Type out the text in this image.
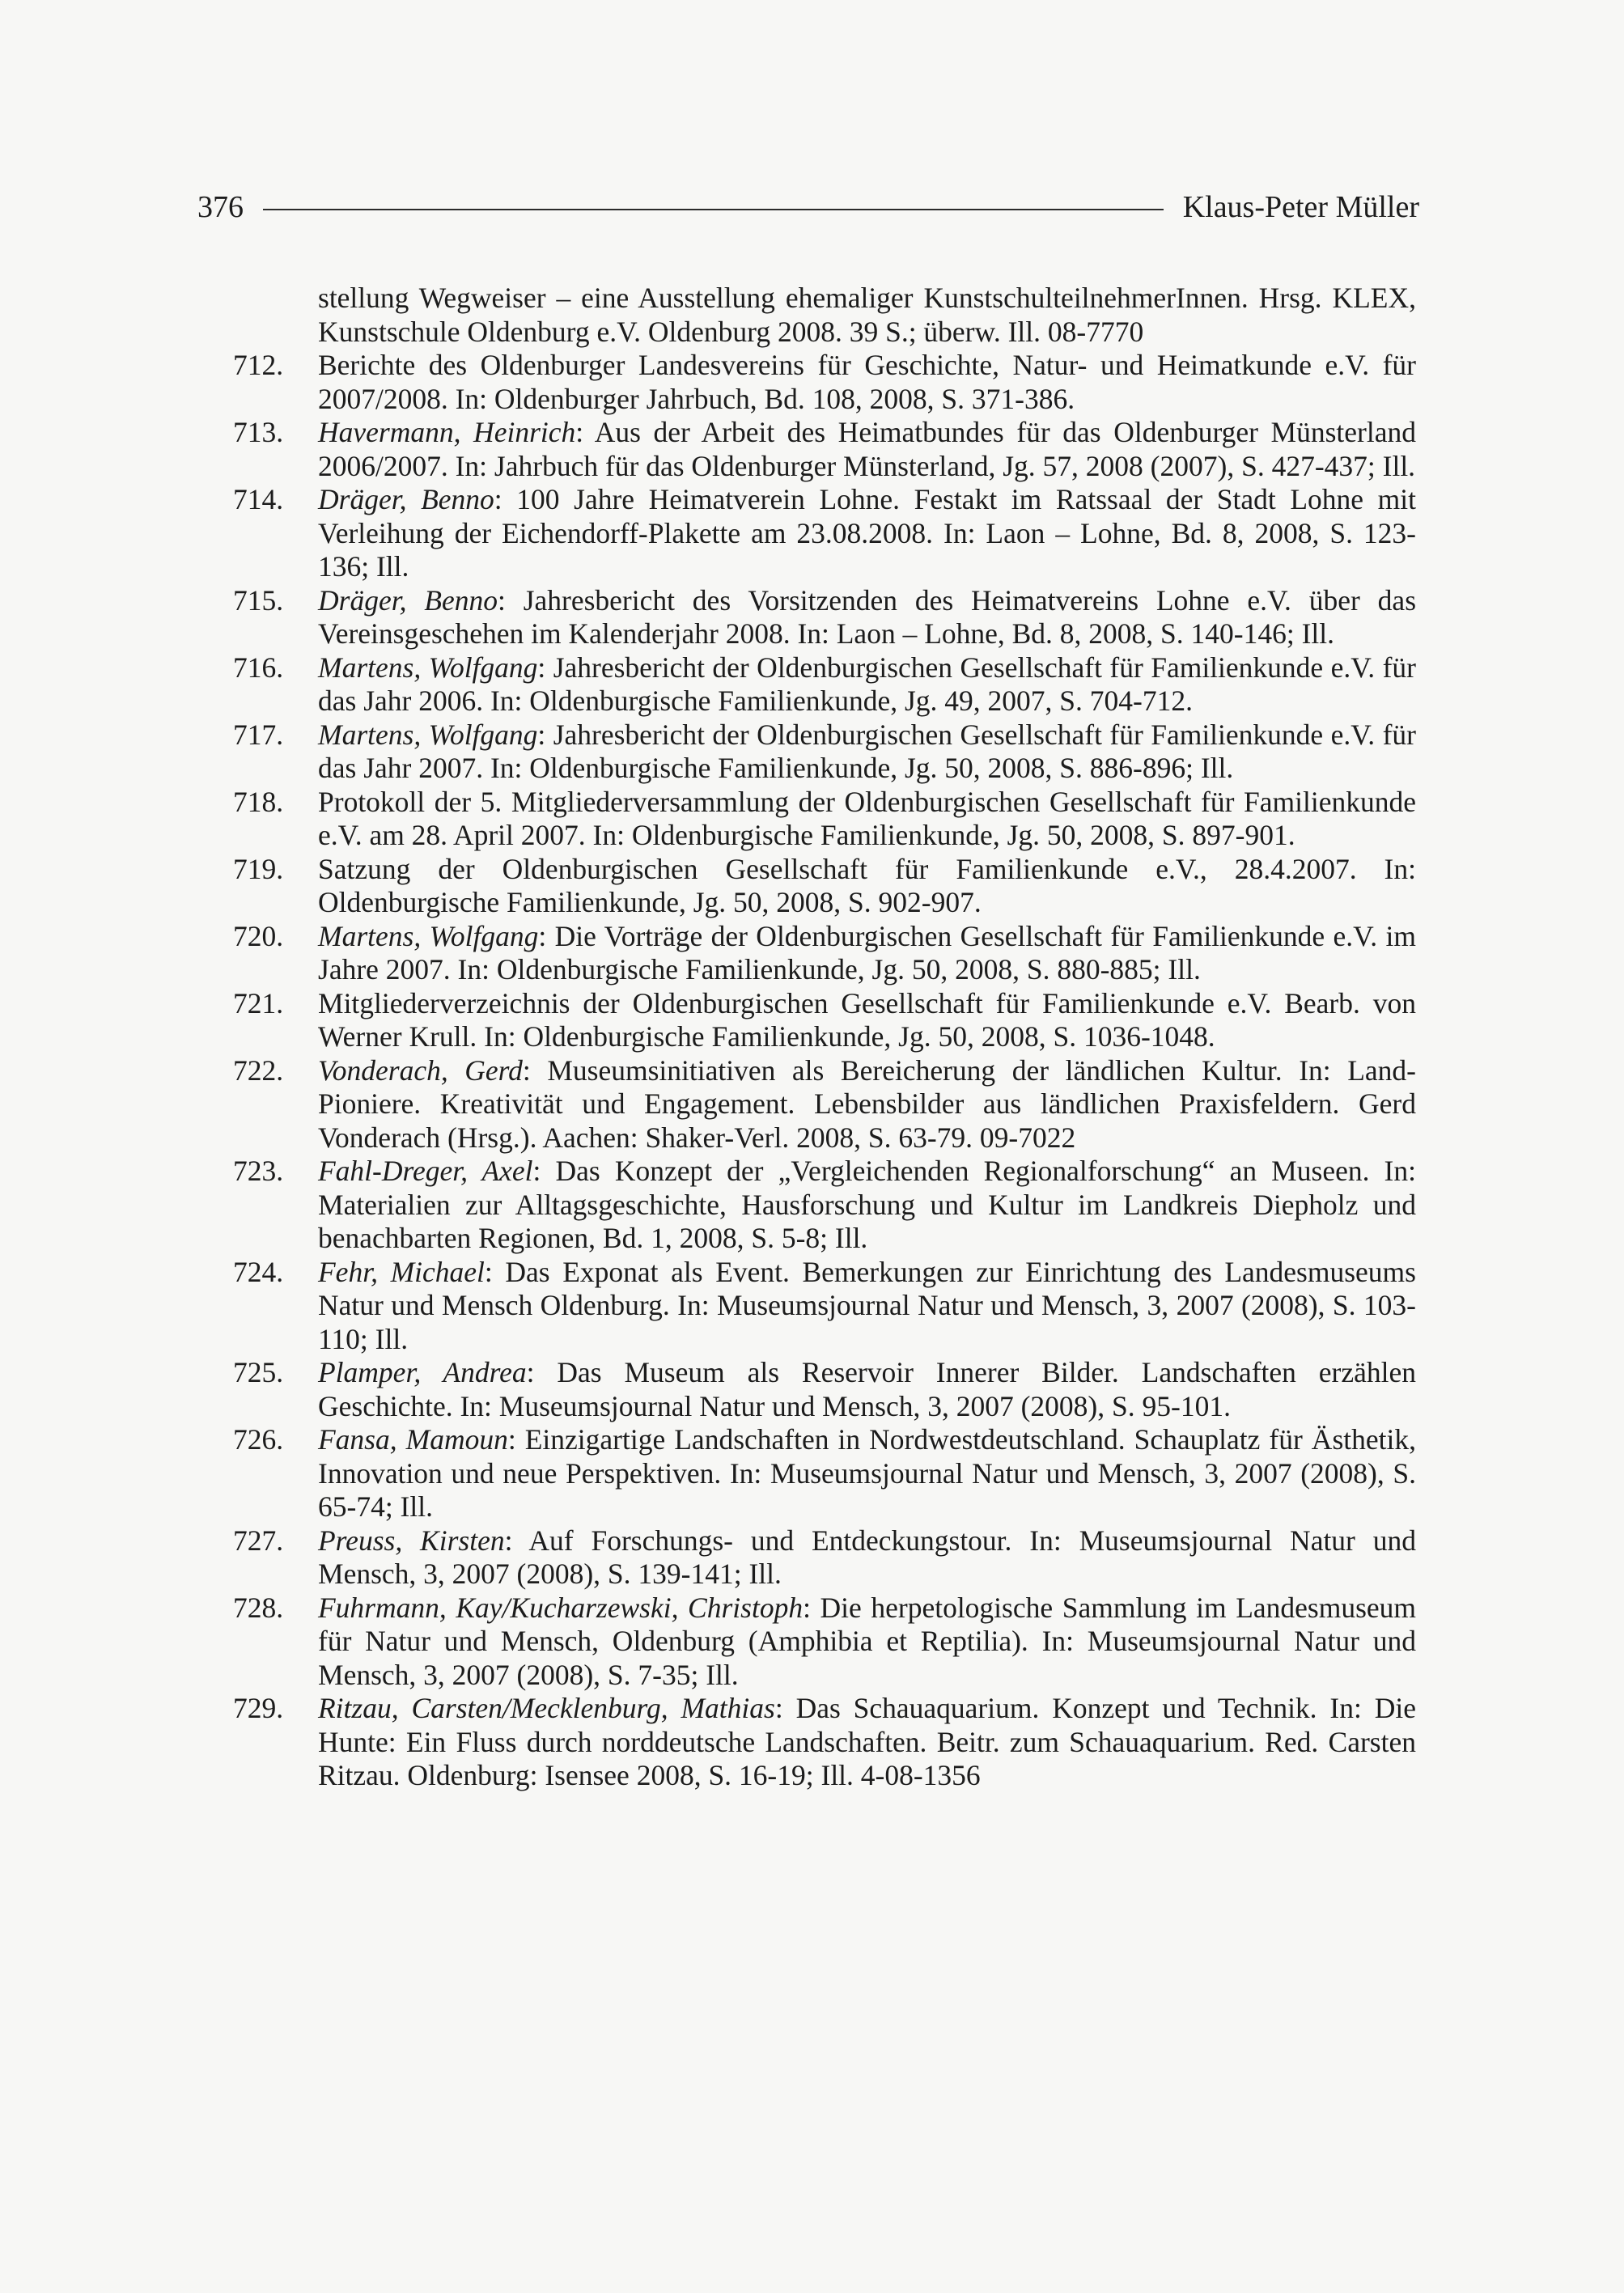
376	Klaus-Peter Müller
stellung Wegweiser – eine Ausstellung ehemaliger KunstschulteilnehmerInnen. Hrsg. KLEX, Kunstschule Oldenburg e.V. Oldenburg 2008. 39 S.; überw. Ill. 08-7770
712.	Berichte des Oldenburger Landesvereins für Geschichte, Natur- und Heimatkunde e.V. für 2007/2008. In: Oldenburger Jahrbuch, Bd. 108, 2008, S. 371-386.
713.	Havermann, Heinrich: Aus der Arbeit des Heimatbundes für das Oldenburger Münsterland 2006/2007. In: Jahrbuch für das Oldenburger Münsterland, Jg. 57, 2008 (2007), S. 427-437; Ill.
714.	Dräger, Benno: 100 Jahre Heimatverein Lohne. Festakt im Ratssaal der Stadt Lohne mit Verleihung der Eichendorff-Plakette am 23.08.2008. In: Laon – Lohne, Bd. 8, 2008, S. 123-136; Ill.
715.	Dräger, Benno: Jahresbericht des Vorsitzenden des Heimatvereins Lohne e.V. über das Vereinsgeschehen im Kalenderjahr 2008. In: Laon – Lohne, Bd. 8, 2008, S. 140-146; Ill.
716.	Martens, Wolfgang: Jahresbericht der Oldenburgischen Gesellschaft für Familienkunde e.V. für das Jahr 2006. In: Oldenburgische Familienkunde, Jg. 49, 2007, S. 704-712.
717.	Martens, Wolfgang: Jahresbericht der Oldenburgischen Gesellschaft für Familienkunde e.V. für das Jahr 2007. In: Oldenburgische Familienkunde, Jg. 50, 2008, S. 886-896; Ill.
718.	Protokoll der 5. Mitgliederversammlung der Oldenburgischen Gesellschaft für Familienkunde e.V. am 28. April 2007. In: Oldenburgische Familienkunde, Jg. 50, 2008, S. 897-901.
719.	Satzung der Oldenburgischen Gesellschaft für Familienkunde e.V., 28.4.2007. In: Oldenburgische Familienkunde, Jg. 50, 2008, S. 902-907.
720.	Martens, Wolfgang: Die Vorträge der Oldenburgischen Gesellschaft für Familienkunde e.V. im Jahre 2007. In: Oldenburgische Familienkunde, Jg. 50, 2008, S. 880-885; Ill.
721.	Mitgliederverzeichnis der Oldenburgischen Gesellschaft für Familienkunde e.V. Bearb. von Werner Krull. In: Oldenburgische Familienkunde, Jg. 50, 2008, S. 1036-1048.
722.	Vonderach, Gerd: Museumsinitiativen als Bereicherung der ländlichen Kultur. In: Land-Pioniere. Kreativität und Engagement. Lebensbilder aus ländlichen Praxisfeldern. Gerd Vonderach (Hrsg.). Aachen: Shaker-Verl. 2008, S. 63-79. 09-7022
723.	Fahl-Dreger, Axel: Das Konzept der „Vergleichenden Regionalforschung“ an Museen. In: Materialien zur Alltagsgeschichte, Hausforschung und Kultur im Landkreis Diepholz und benachbarten Regionen, Bd. 1, 2008, S. 5-8; Ill.
724.	Fehr, Michael: Das Exponat als Event. Bemerkungen zur Einrichtung des Landesmuseums Natur und Mensch Oldenburg. In: Museumsjournal Natur und Mensch, 3, 2007 (2008), S. 103-110; Ill.
725.	Plamper, Andrea: Das Museum als Reservoir Innerer Bilder. Landschaften erzählen Geschichte. In: Museumsjournal Natur und Mensch, 3, 2007 (2008), S. 95-101.
726.	Fansa, Mamoun: Einzigartige Landschaften in Nordwestdeutschland. Schauplatz für Ästhetik, Innovation und neue Perspektiven. In: Museumsjournal Natur und Mensch, 3, 2007 (2008), S. 65-74; Ill.
727.	Preuss, Kirsten: Auf Forschungs- und Entdeckungstour. In: Museumsjournal Natur und Mensch, 3, 2007 (2008), S. 139-141; Ill.
728.	Fuhrmann, Kay/Kucharzewski, Christoph: Die herpetologische Sammlung im Landesmuseum für Natur und Mensch, Oldenburg (Amphibia et Reptilia). In: Museumsjournal Natur und Mensch, 3, 2007 (2008), S. 7-35; Ill.
729.	Ritzau, Carsten/Mecklenburg, Mathias: Das Schauaquarium. Konzept und Technik. In: Die Hunte: Ein Fluss durch norddeutsche Landschaften. Beitr. zum Schauaquarium. Red. Carsten Ritzau. Oldenburg: Isensee 2008, S. 16-19; Ill. 4-08-1356
